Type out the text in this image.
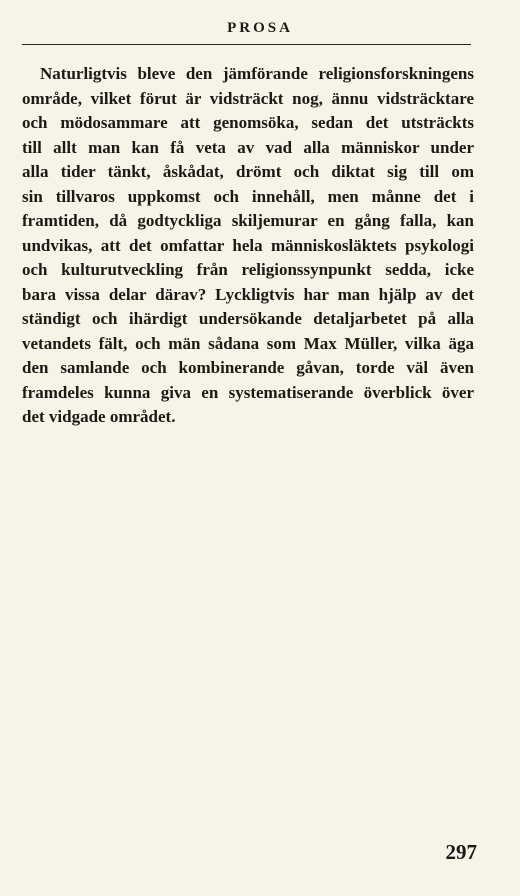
PROSA
Naturligtvis bleve den jämförande religionsforskningens
område, vilket förut är vidsträckt nog, ännu vidsträcktare
och mödosammare att genomsöka, sedan det utsträckts
till allt man kan få veta av vad alla människor under
alla tider tänkt, åskådat, drömt och diktat sig till om
sin tillvaros uppkomst och innehåll, men månne det i
framtiden, då godtyckliga skiljemurar en gång falla, kan
undvikas, att det omfattar hela människosläktets psykologi
och kulturutveckling från religionssynpunkt sedda, icke
bara vissa delar därav? Lyckligtvis har man hjälp av det
ständigt och ihärdigt undersökande detaljarbetet på alla
vetandets fält, och män sådana som Max Müller, vilka äga
den samlande och kombinerande gåvan, torde väl även
framdeles kunna giva en systematiserande överblick över
det vidgade området.
297
